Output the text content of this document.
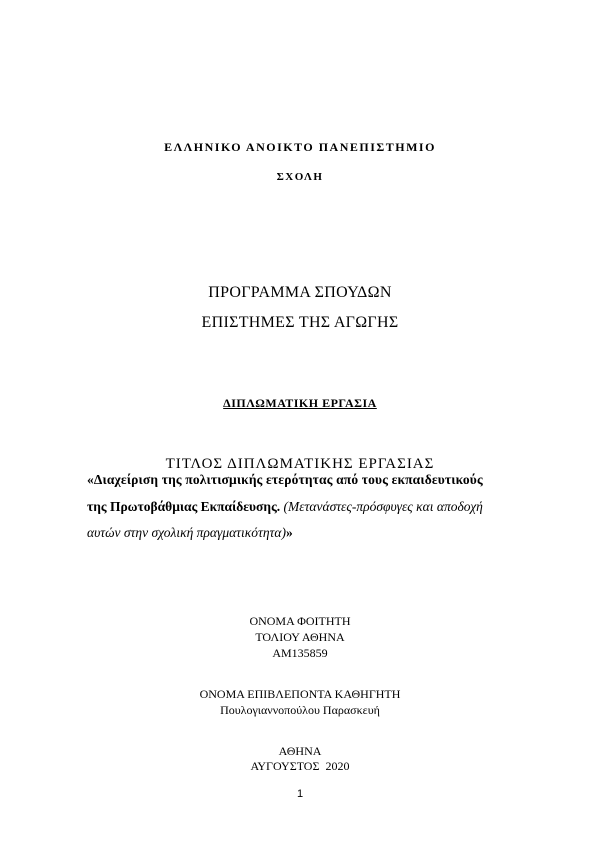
ΕΛΛΗΝΙΚΟ ΑΝΟΙΚΤΟ ΠΑΝΕΠΙΣΤΗΜΙΟ
ΣΧΟΛΗ
ΠΡΟΓΡΑΜΜΑ ΣΠΟΥΔΩΝ
ΕΠΙΣΤΗΜΕΣ ΤΗΣ ΑΓΩΓΗΣ
ΔΙΠΛΩΜΑΤΙΚΗ ΕΡΓΑΣΙΑ
ΤΙΤΛΟΣ ΔΙΠΛΩΜΑΤΙΚΗΣ ΕΡΓΑΣΙΑΣ
«Διαχείριση της πολιτισμικής ετερότητας από τους εκπαιδευτικούς
της Πρωτοβάθμιας Εκπαίδευσης. (Μετανάστες-πρόσφυγες και αποδοχή
αυτών στην σχολική πραγματικότητα)»
ΟΝΟΜΑ ΦΟΙΤΗΤΗ
ΤΟΛΙΟΥ ΑΘΗΝΑ
ΑΜ135859
ΟΝΟΜΑ ΕΠΙΒΛΕΠΟΝΤΑ ΚΑΘΗΓΗΤΗ
Πουλογιαννοπούλου Παρασκευή
ΑΘΗΝΑ
ΑΥΓΟΥΣΤΟΣ  2020
1
